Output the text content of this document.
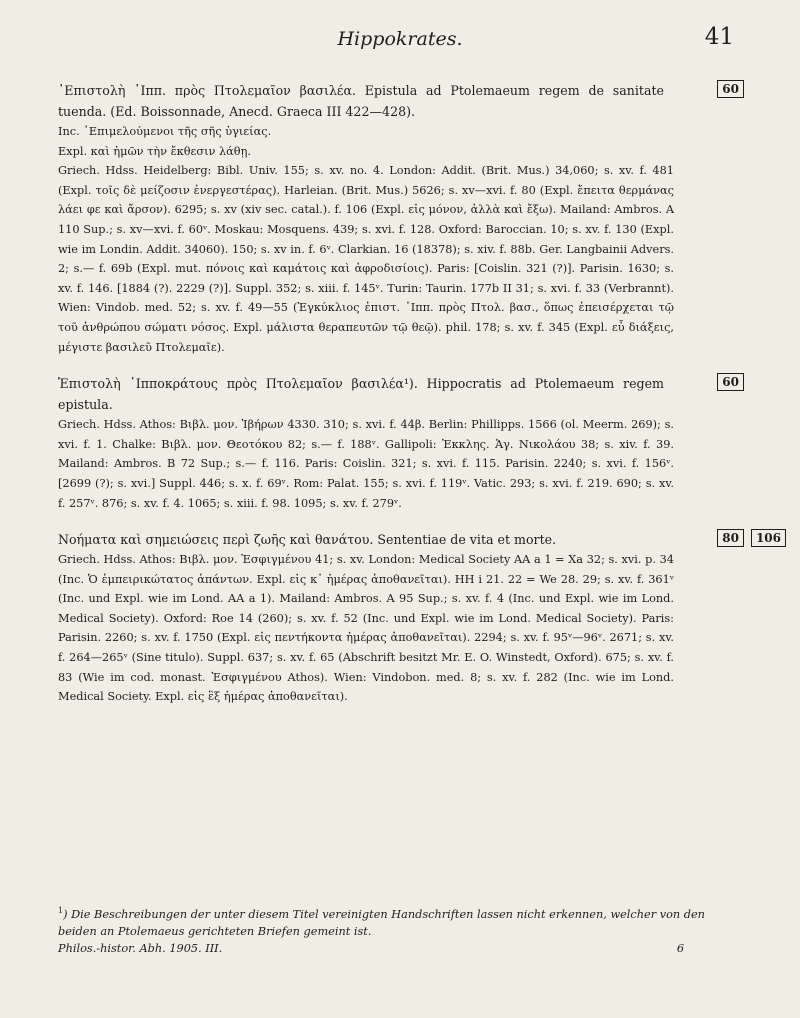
Hippokrates.	41
60

᾿Επιστολὴ ῾Ιππ. πρὸς Πτολεμαῖον βασιλέα. Epistula ad Ptolemaeum regem de sanitate tuenda. (Ed. Boissonnade, Anecd. Graeca III 422—428).

Inc. ᾿Επιμελούμενοι τῆς σῆς ὑγιείας.

Expl. καὶ ἡμῶν τὴν ἔκθεσιν λάθῃ.

Griech. Hdss. Heidelberg: Bibl. Univ. 155; s. xv. no. 4. London: Addit. (Brit. Mus.) 34,060; s. xv. f. 481 (Expl. τοῖς δὲ μείζοσιν ἐνεργεστέρας). Harleian. (Brit. Mus.) 5626; s. xv—xvi. f. 80 (Expl. ἔπειτα θερμάνας λάει φε καὶ ἄρσον). 6295; s. xv (xiv sec. catal.). f. 106 (Expl. εἰς μόνον, ἀλλὰ καὶ ἔξω). Mailand: Ambros. A 110 Sup.; s. xv—xvi. f. 60ᵛ. Moskau: Mosquens. 439; s. xvi. f. 128. Oxford: Baroccian. 10; s. xv. f. 130 (Expl. wie im Londin. Addit. 34060). 150; s. xv in. f. 6ᵛ. Clarkian. 16 (18378); s. xiv. f. 88b. Ger. Langbainii Advers. 2; s.— f. 69b (Expl. mut. πόνοις καὶ καμάτοις καὶ ἀφροδισίοις). Paris: [Coislin. 321 (?)]. Parisin. 1630; s. xv. f. 146. [1884 (?). 2229 (?)]. Suppl. 352; s. xiii. f. 145ᵛ. Turin: Taurin. 177b II 31; s. xvi. f. 33 (Verbrannt). Wien: Vindob. med. 52; s. xv. f. 49—55 (Ἐγκύκλιος ἐπιστ. ῾Ιππ. πρὸς Πτολ. βασ., ὅπως ἐπεισέρχεται τῷ τοῦ ἀνθρώπου σώματι νόσος. Expl. μάλιστα θεραπευτῶν τῷ θεῷ). phil. 178; s. xv. f. 345 (Expl. εὖ διάξεις, μέγιστε βασιλεῦ Πτολεμαῖε).

60

Ἐπιστολὴ ῾Ιπποκράτους πρὸς Πτολεμαῖον βασιλέα¹). Hippocratis ad Ptolemaeum regem epistula.

Griech. Hdss. Athos: Βιβλ. μον. Ἰβήρων 4330. 310; s. xvi. f. 44β. Berlin: Phillipps. 1566 (ol. Meerm. 269); s. xvi. f. 1. Chalke: Βιβλ. μον. Θεοτόκου 82; s.— f. 188ᵛ. Gallipoli: Ἐκκλης. Ἁγ. Νικολάου 38; s. xiv. f. 39. Mailand: Ambros. B 72 Sup.; s.— f. 116. Paris: Coislin. 321; s. xvi. f. 115. Parisin. 2240; s. xvi. f. 156ᵛ. [2699 (?); s. xvi.] Suppl. 446; s. x. f. 69ᵛ. Rom: Palat. 155; s. xvi. f. 119ᵛ. Vatic. 293; s. xvi. f. 219. 690; s. xv. f. 257ᵛ. 876; s. xv. f. 4. 1065; s. xiii. f. 98. 1095; s. xv. f. 279ᵛ.

80	106

Νοήματα καὶ σημειώσεις περὶ ζωῆς καὶ θανάτου. Sententiae de vita et morte.

Griech. Hdss. Athos: Βιβλ. μον. Ἐσφιγμένου 41; s. xv. London: Medical Society AA a 1 = Xa 32; s. xvi. p. 34 (Inc. Ὁ ἐμπειρικώτατος ἁπάντων. Expl. εἰς κ᾽ ἡμέρας ἀποθανεῖται). HH i 21. 22 = We 28. 29; s. xv. f. 361ᵛ (Inc. und Expl. wie im Lond. AA a 1). Mailand: Ambros. A 95 Sup.; s. xv. f. 4 (Inc. und Expl. wie im Lond. Medical Society). Oxford: Roe 14 (260); s. xv. f. 52 (Inc. und Expl. wie im Lond. Medical Society). Paris: Parisin. 2260; s. xv. f. 1750 (Expl. εἰς πεντήκοντα ἡμέρας ἀποθανεῖται). 2294; s. xv. f. 95ᵛ—96ᵛ. 2671; s. xv. f. 264—265ᵛ (Sine titulo). Suppl. 637; s. xv. f. 65 (Abschrift besitzt Mr. E. O. Winstedt, Oxford). 675; s. xv. f. 83 (Wie im cod. monast. Ἐσφιγμένου Athos). Wien: Vindobon. med. 8; s. xv. f. 282 (Inc. wie im Lond. Medical Society. Expl. εἰς ἓξ ἡμέρας ἀποθανεῖται).

$^1$) Die Beschreibungen der unter diesem Titel vereinigten Handschriften lassen nicht erkennen, welcher von den beiden an Ptolemaeus gerichteten Briefen gemeint ist.
Philos.-histor. Abh. 1905. III.	6
